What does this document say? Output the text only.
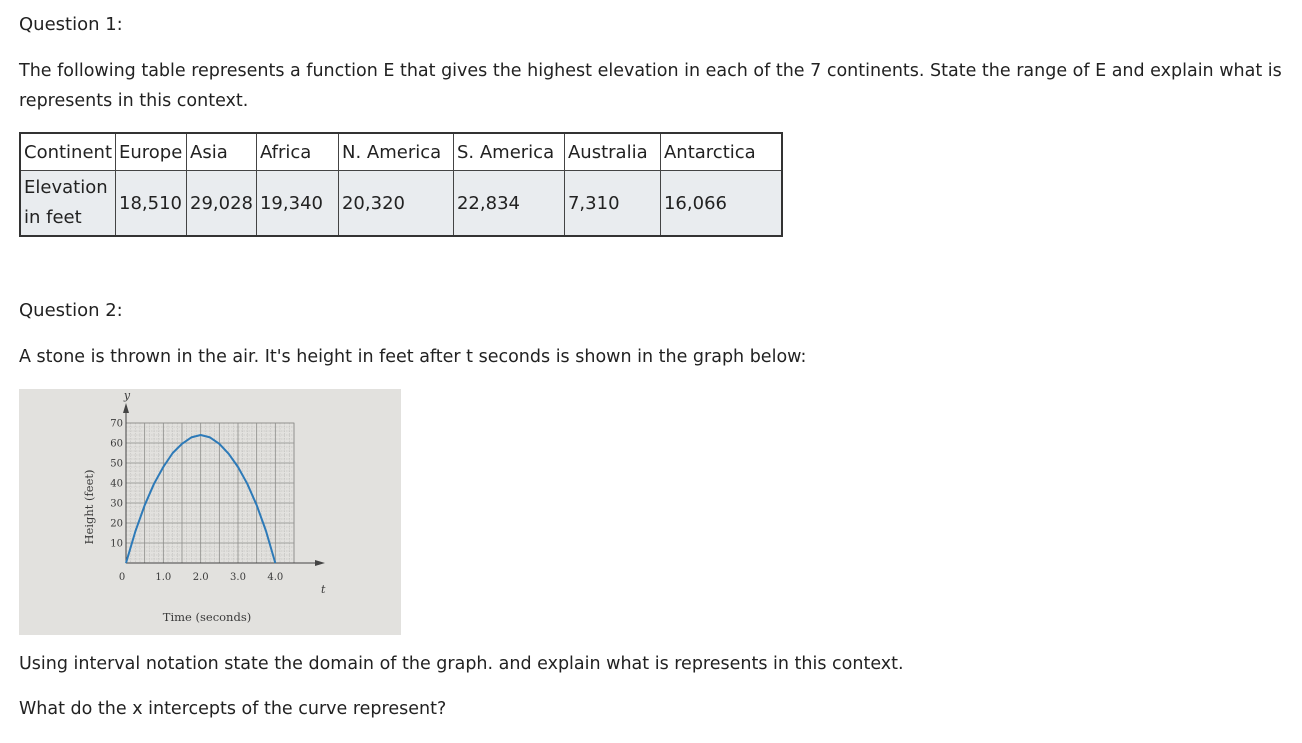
Question 1:
The following table represents a function E that gives the highest elevation in each of the 7 continents. State the range of E and explain what is
represents in this context.
Continent	Europe	Asia	Africa	N. America	S. America	Australia	Antarctica

Elevation
in feet	18,510	29,028	19,340	20,320	22,834	7,310	16,066
Question 2:
A stone is thrown in the air. It's height in feet after t seconds is shown in the graph below:
10
20
30
40
50
60
70
1.0 2.0 3.0 4.0
0
y
t
Time (seconds)
Height (feet)
Using interval notation state the domain of the graph. and explain what is represents in this context.
What do the x intercepts of the curve represent?
